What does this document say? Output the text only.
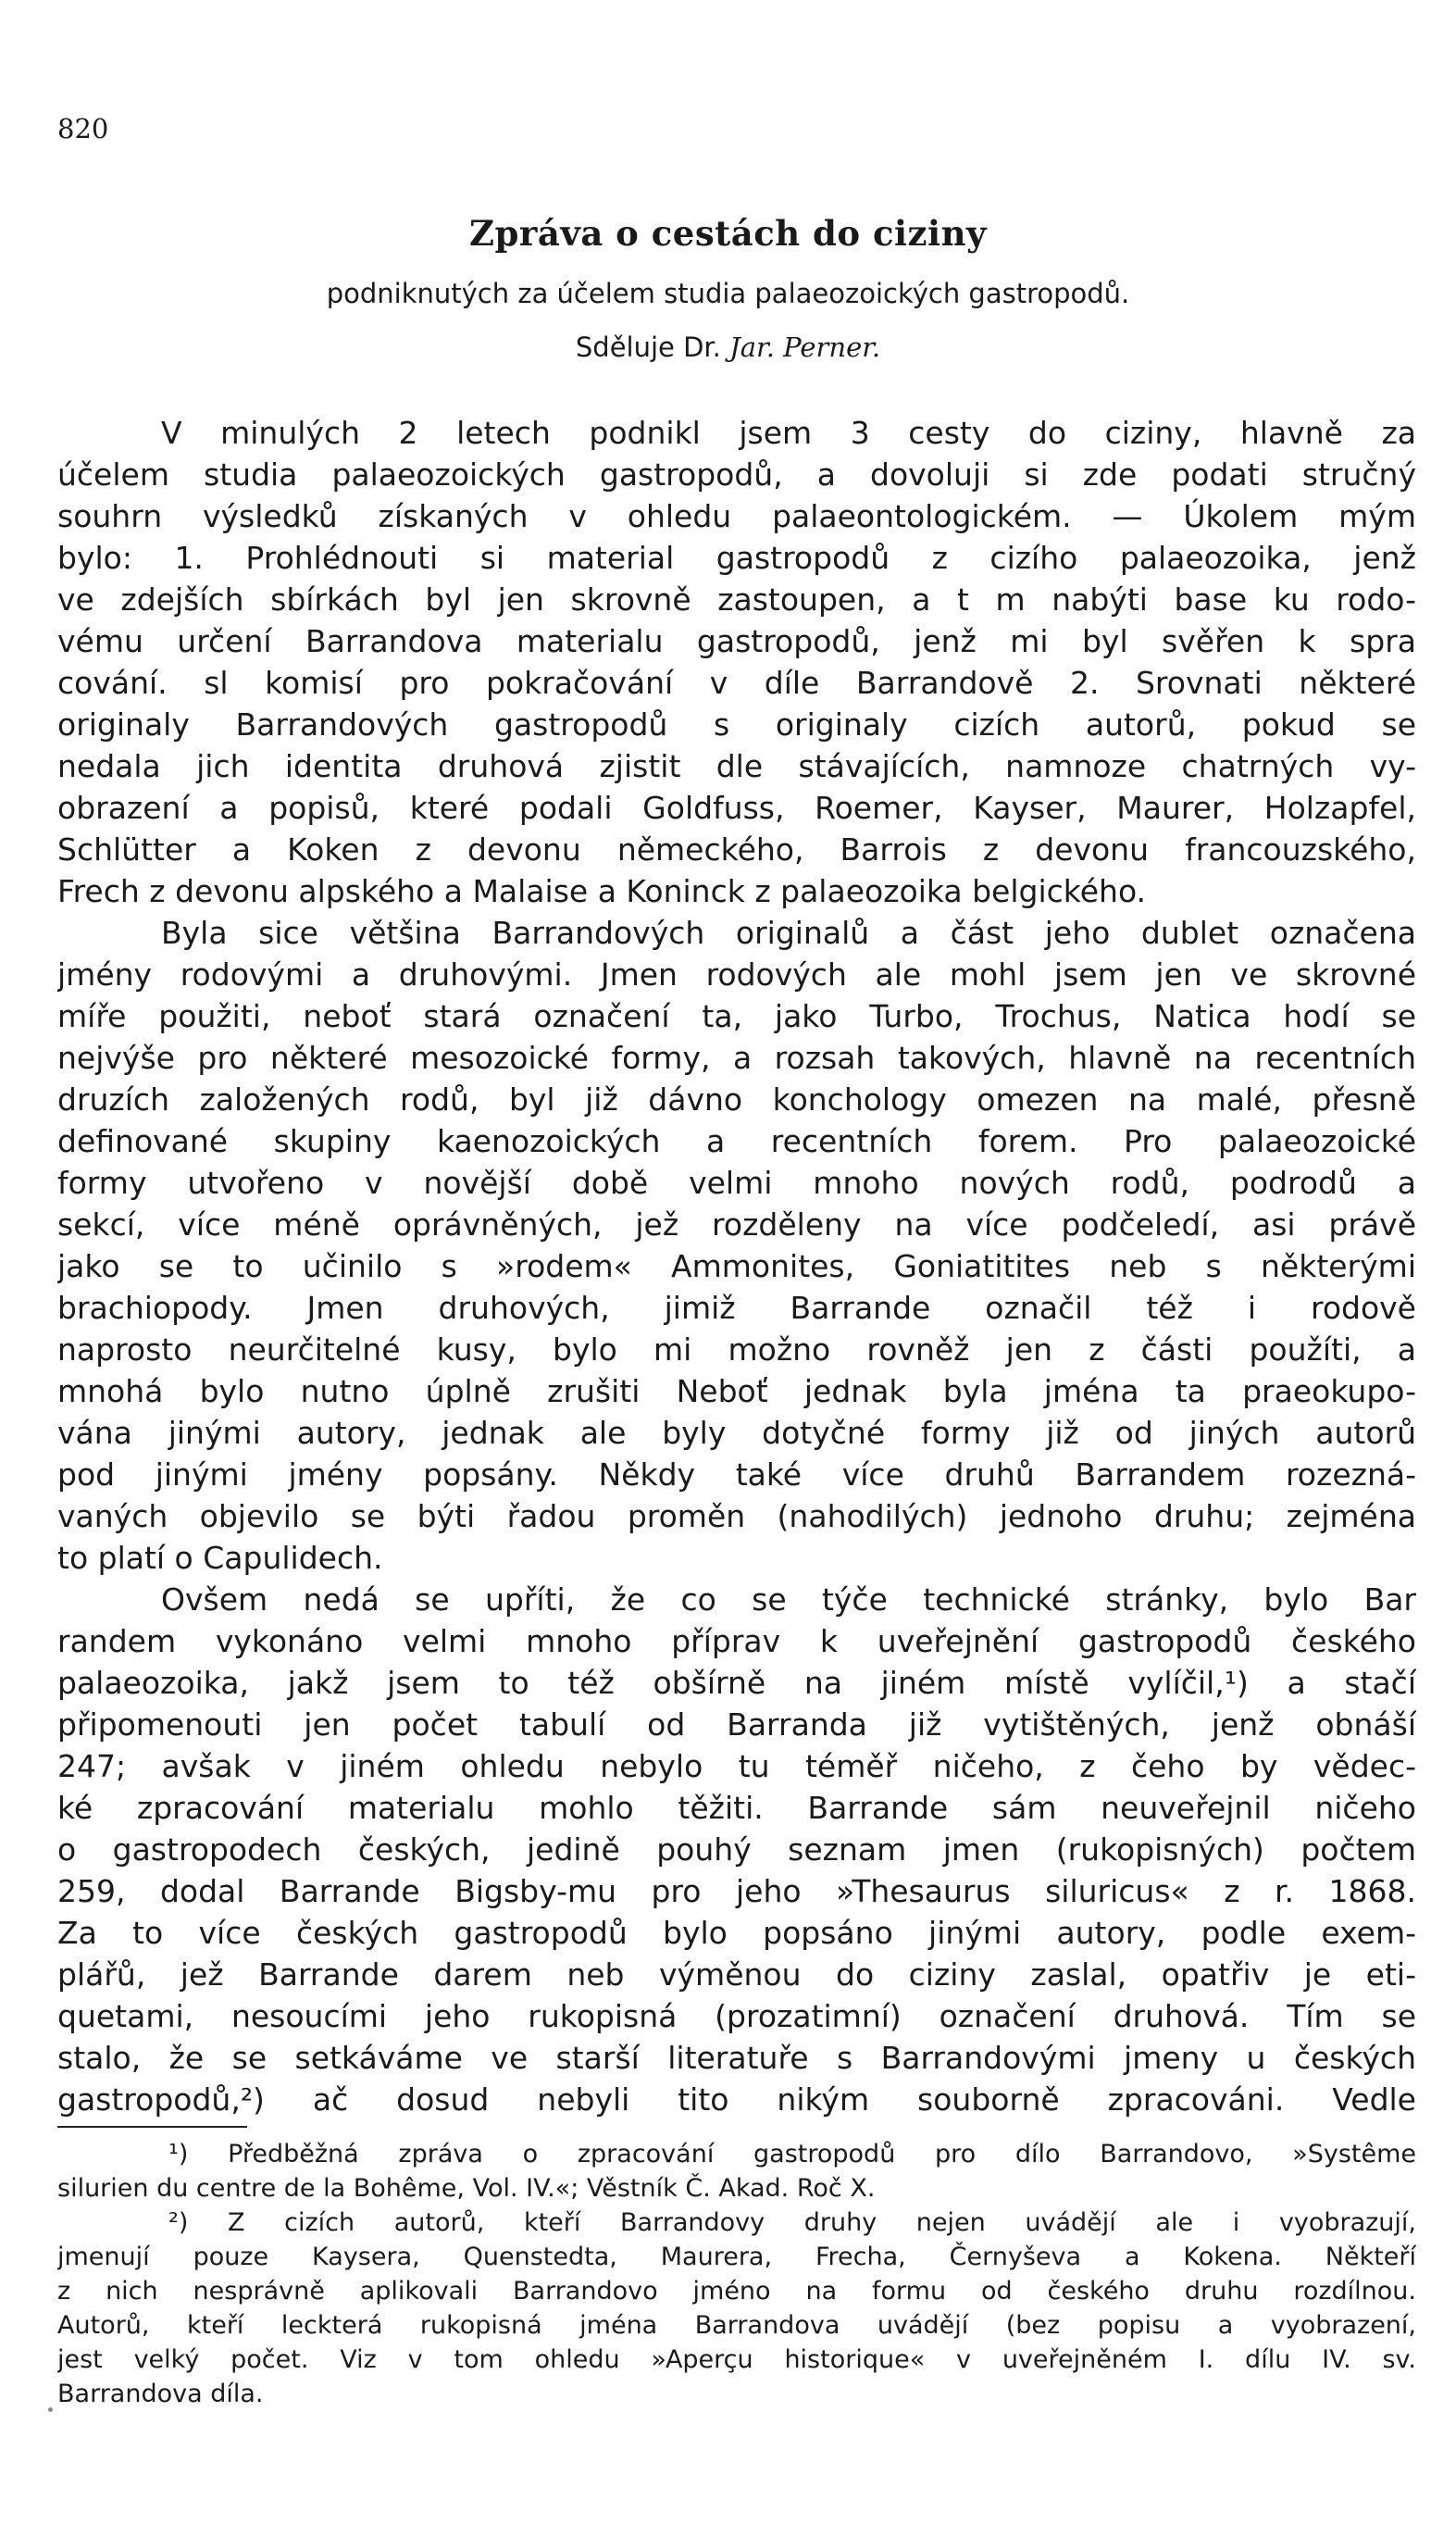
820
Zpráva o cestách do ciziny
podniknutých za účelem studia palaeozoických gastropodů.
Sděluje Dr. Jar. Perner.
V minulých 2 letech podnikl jsem 3 cesty do ciziny, hlavně za
účelem studia palaeozoických gastropodů, a dovoluji si zde podati stručný
souhrn výsledků získaných v ohledu palaeontologickém. — Úkolem mým
bylo: 1. Prohlédnouti si material gastropodů z cizího palaeozoika, jenž
ve zdejších sbírkách byl jen skrovně zastoupen, a t m nabýti base ku rodo-
vému určení Barrandova materialu gastropodů, jenž mi byl svěřen k spra
cování. sl komisí pro pokračování v díle Barrandově 2. Srovnati některé
originaly Barrandových gastropodů s originaly cizích autorů, pokud se
nedala jich identita druhová zjistit dle stávajících, namnoze chatrných vy-
obrazení a popisů, které podali Goldfuss, Roemer, Kayser, Maurer, Holzapfel,
Schlütter a Koken z devonu německého, Barrois z devonu francouzského,
Frech z devonu alpského a Malaise a Koninck z palaeozoika belgického.
Byla sice většina Barrandových originalů a část jeho dublet označena
jmény rodovými a druhovými. Jmen rodových ale mohl jsem jen ve skrovné
míře použiti, neboť stará označení ta, jako Turbo, Trochus, Natica hodí se
nejvýše pro některé mesozoické formy, a rozsah takových, hlavně na recentních
druzích založených rodů, byl již dávno konchology omezen na malé, přesně
definované skupiny kaenozoických a recentních forem. Pro palaeozoické
formy utvořeno v novější době velmi mnoho nových rodů, podrodů a
sekcí, více méně oprávněných, jež rozděleny na více podčeledí, asi právě
jako se to učinilo s »rodem« Ammonites, Goniatitites neb s některými
brachiopody. Jmen druhových, jimiž Barrande označil též i rodově
naprosto neurčitelné kusy, bylo mi možno rovněž jen z části použíti, a
mnohá bylo nutno úplně zrušiti Neboť jednak byla jména ta praeokupo-
vána jinými autory, jednak ale byly dotyčné formy již od jiných autorů
pod jinými jmény popsány. Někdy také více druhů Barrandem rozezná-
vaných objevilo se býti řadou proměn (nahodilých) jednoho druhu; zejména
to platí o Capulidech.
Ovšem nedá se upříti, že co se týče technické stránky, bylo Bar
randem vykonáno velmi mnoho příprav k uveřejnění gastropodů českého
palaeozoika, jakž jsem to též obšírně na jiném místě vylíčil,¹) a stačí
připomenouti jen počet tabulí od Barranda již vytištěných, jenž obnáší
247; avšak v jiném ohledu nebylo tu téměř ničeho, z čeho by vědec-
ké zpracování materialu mohlo těžiti. Barrande sám neuveřejnil ničeho
o gastropodech českých, jedině pouhý seznam jmen (rukopisných) počtem
259, dodal Barrande Bigsby-mu pro jeho »Thesaurus siluricus« z r. 1868.
Za to více českých gastropodů bylo popsáno jinými autory, podle exem-
plářů, jež Barrande darem neb výměnou do ciziny zaslal, opatřiv je eti-
quetami, nesoucími jeho rukopisná (prozatimní) označení druhová. Tím se
stalo, že se setkáváme ve starší literatuře s Barrandovými jmeny u českých
gastropodů,²) ač dosud nebyli tito nikým souborně zpracováni. Vedle
¹) Předběžná zpráva o zpracování gastropodů pro dílo Barrandovo, »Systême
silurien du centre de la Bohême, Vol. IV.«; Věstník Č. Akad. Roč X.
²) Z cizích autorů, kteří Barrandovy druhy nejen uvádějí ale i vyobrazují,
jmenují pouze Kaysera, Quenstedta, Maurera, Frecha, Černyševa a Kokena. Někteří
z nich nesprávně aplikovali Barrandovo jméno na formu od českého druhu rozdílnou.
Autorů, kteří leckterá rukopisná jména Barrandova uvádějí (bez popisu a vyobrazení,
jest velký počet. Viz v tom ohledu »Aperçu historique« v uveřejněném I. dílu IV. sv.
Barrandova díla.
